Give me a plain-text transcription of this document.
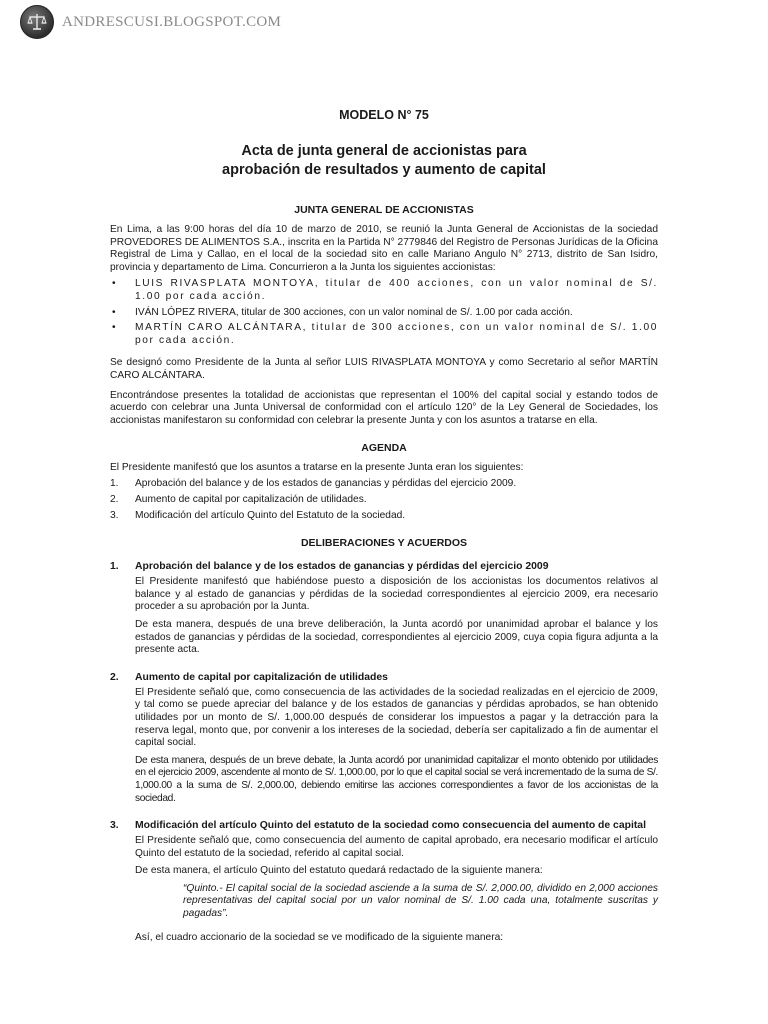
ANDRESCUSI.BLOGSPOT.COM
MODELO N° 75
Acta de junta general de accionistas para
aprobación de resultados y aumento de capital
JUNTA GENERAL DE ACCIONISTAS

En Lima, a las 9:00 horas del día 10 de marzo de 2010, se reunió la Junta General de Accionistas de la sociedad PROVEDORES DE ALIMENTOS S.A., inscrita en la Partida N° 2779846 del Registro de Personas Jurídicas de la Oficina Registral de Lima y Callao, en el local de la sociedad sito en calle Mariano Angulo N° 2713, distrito de San Isidro, provincia y departamento de Lima. Concurrieron a la Junta los siguientes accionistas:

• LUIS RIVASPLATA MONTOYA, titular de 400 acciones, con un valor nominal de S/. 1.00 por cada acción.
• IVÁN LÓPEZ RIVERA, titular de 300 acciones, con un valor nominal de S/. 1.00 por cada acción.
• MARTÍN CARO ALCÁNTARA, titular de 300 acciones, con un valor nominal de S/. 1.00 por cada acción.

Se designó como Presidente de la Junta al señor LUIS RIVASPLATA MONTOYA y como Secretario al señor MARTÍN CARO ALCÁNTARA.

Encontrándose presentes la totalidad de accionistas que representan el 100% del capital social y estando todos de acuerdo con celebrar una Junta Universal de conformidad con el artículo 120° de la Ley General de Sociedades, los accionistas manifestaron su conformidad con celebrar la presente Junta y con los asuntos a tratarse en ella.

AGENDA

El Presidente manifestó que los asuntos a tratarse en la presente Junta eran los siguientes:

1. Aprobación del balance y de los estados de ganancias y pérdidas del ejercicio 2009.
2. Aumento de capital por capitalización de utilidades.
3. Modificación del artículo Quinto del Estatuto de la sociedad.
DELIBERACIONES Y ACUERDOS
1. Aprobación del balance y de los estados de ganancias y pérdidas del ejercicio 2009

El Presidente manifestó que habiéndose puesto a disposición de los accionistas los documentos relativos al balance y al estado de ganancias y pérdidas de la sociedad correspondientes al ejercicio 2009, era necesario proceder a su aprobación por la Junta.

De esta manera, después de una breve deliberación, la Junta acordó por unanimidad aprobar el balance y los estados de ganancias y pérdidas de la sociedad, correspondientes al ejercicio 2009, cuya copia figura adjunta a la presente acta.

2. Aumento de capital por capitalización de utilidades

El Presidente señaló que, como consecuencia de las actividades de la sociedad realizadas en el ejercicio de 2009, y tal como se puede apreciar del balance y de los estados de ganancias y pérdidas aprobados, se han obtenido utilidades por un monto de S/. 1,000.00 después de considerar los impuestos a pagar y la detracción para la reserva legal, monto que, por convenir a los intereses de la sociedad, debería ser capitalizado a fin de aumentar el capital social.

De esta manera, después de un breve debate, la Junta acordó por unanimidad capitalizar el monto obtenido por utilidades en el ejercicio 2009, ascendente al monto de S/. 1,000.00, por lo que el capital social se verá incrementado de la suma de S/. 1,000.00 a la suma de S/. 2,000.00, debiendo emitirse las acciones correspondientes a favor de los accionistas de la sociedad.

3. Modificación del artículo Quinto del estatuto de la sociedad como consecuencia del aumento de capital

El Presidente señaló que, como consecuencia del aumento de capital aprobado, era necesario modificar el artículo Quinto del estatuto de la sociedad, referido al capital social.

De esta manera, el artículo Quinto del estatuto quedará redactado de la siguiente manera:

“Quinto.- El capital social de la sociedad asciende a la suma de S/. 2,000.00, dividido en 2,000 acciones representativas del capital social por un valor nominal de S/. 1.00 cada una, totalmente suscritas y pagadas”.

Así, el cuadro accionario de la sociedad se ve modificado de la siguiente manera:
